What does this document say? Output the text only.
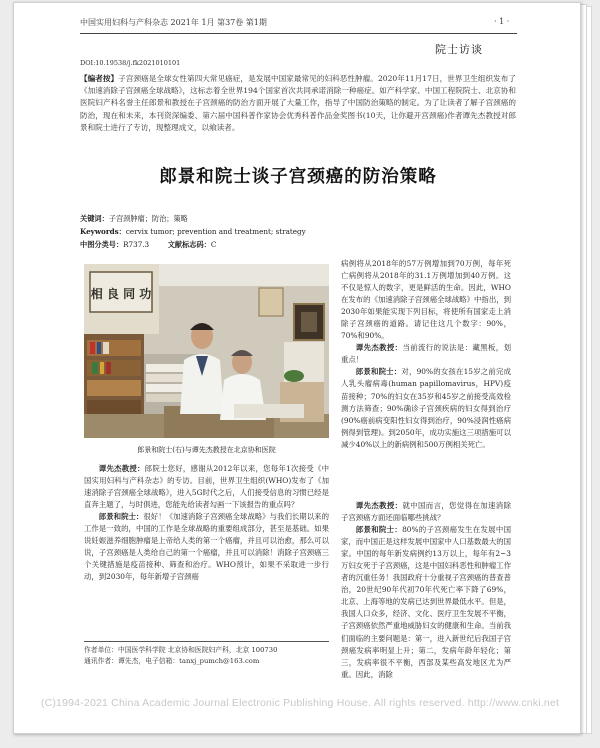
中国实用妇科与产科杂志 2021年 1月 第37卷 第1期	· 1 ·
院士访谈
DOI:10.19538/j.fk2021010101
【编者按】子宫颈癌是全球女性第四大常见癌症，是发展中国家最常见的妇科恶性肿瘤。2020年11月17日，世界卫生组织发布了《加速消除子宫颈癌全球战略》，这标志着全世界194个国家首次共同承诺消除一种癌症。如产科学家、中国工程院院士、北京协和医院妇产科名誉主任郎景和教授在子宫颈癌的防治方面开展了大量工作，指导了中国防治策略的制定。为了让读者了解子宫颈癌的防治，现在和未来，本刊资深编委、第六届中国科普作家协会优秀科普作品金奖图书(10天，让你避开宫颈癌)作者谭先杰教授对郎景和院士进行了专访，现整理成文，以飨读者。
郎景和院士谈子宫颈癌的防治策略
关键词：子宫颈肿瘤；防治；策略
Keywords：cervix tumor; prevention and treatment; strategy
中图分类号：R737.3	文献标志码：C
相 良 同 功
郎景和院士(右)与谭先杰教授在北京协和医院

谭先杰教授：郎院士您好，感谢从2012年以来，您每年1次接受《中国实用妇科与产科杂志》的专访。目前，世界卫生组织(WHO)发布了《加速消除子宫颈癌全球战略》，进入5G时代之后，人们接受信息的习惯已经是直奔主题了，与时俱进，您能先给读者勾画一下该报告的重点吗？

郎景和院士：很好！《加速消除子宫颈癌全球战略》与我们长期以来的工作是一致的，中国的工作是全球战略的重要组成部分，甚至是基础。如果说妊娠滋养细胞肿瘤是上帝给人类的第一个癌瘤，并且可以治愈，那么可以说，子宫颈癌是人类给自己的第一个癌瘤，并且可以消除！消除子宫颈癌三个关键措施是疫苗接种、筛查和治疗。WHO预计，如果不采取进一步行动，到2030年，每年新增子宫颈癌

病例将从2018年的57万例增加到70万例，每年死亡病例将从2018年的31.1万例增加到40万例。这不仅是惊人的数字，更是鲜活的生命。因此，WHO在发布的《加速消除子宫颈癌全球战略》中指出，到2030年如果能实现下列目标，将使所有国家走上消除子宫颈癌的道路。请记住这几个数字：90%，70%和90%。

谭先杰教授：当前流行的说法是：藏黑板，划重点！

郎景和院士：对，90%的女孩在15岁之前完成人乳头瘤病毒(human papillomavirus，HPV)疫苗接种；70%的妇女在35岁和45岁之前接受高效检测方法筛查；90%确诊子宫颈疾病的妇女得到治疗(90%癌前病变阳性妇女得到治疗，90%浸润性癌病例得到管理)。到2050年，成功实施这三项措施可以减少40%以上的新病例和500万例相关死亡。

谭先杰教授：就中国而言，您觉得在加速消除子宫颈癌方面还面临哪些挑战？

郎景和院士：80%的子宫颈癌发生在发展中国家，而中国正是这样发展中国家中人口基数最大的国家。中国的每年新发病例约13万以上，每年有2~3万妇女死于子宫颈癌，这是中国妇科恶性和肿瘤工作者的沉重任务！我国政府十分重视子宫颈癌的普查普治，20世纪90年代初70年代死亡率下降了69%，北京、上海等地的发病已达到世界最低水平。但是，我国人口众多，经济、文化、医疗卫生发展不平衡，子宫颈癌依然严重地威胁妇女的健康和生命。当前我们面临的主要问题是：第一，进入新世纪后我国子宫颈癌发病率明显上升；第二，发病年龄年轻化；第三，发病率很不平衡，西部及某些高发地区尤为严重。因此，消除

作者单位：中国医学科学院 北京协和医院妇产科，北京 100730
通讯作者：谭先杰，电子信箱：tanxj_pumch@163.com
(C)1994-2021 China Academic Journal Electronic Publishing House. All rights reserved. http://www.cnki.net
